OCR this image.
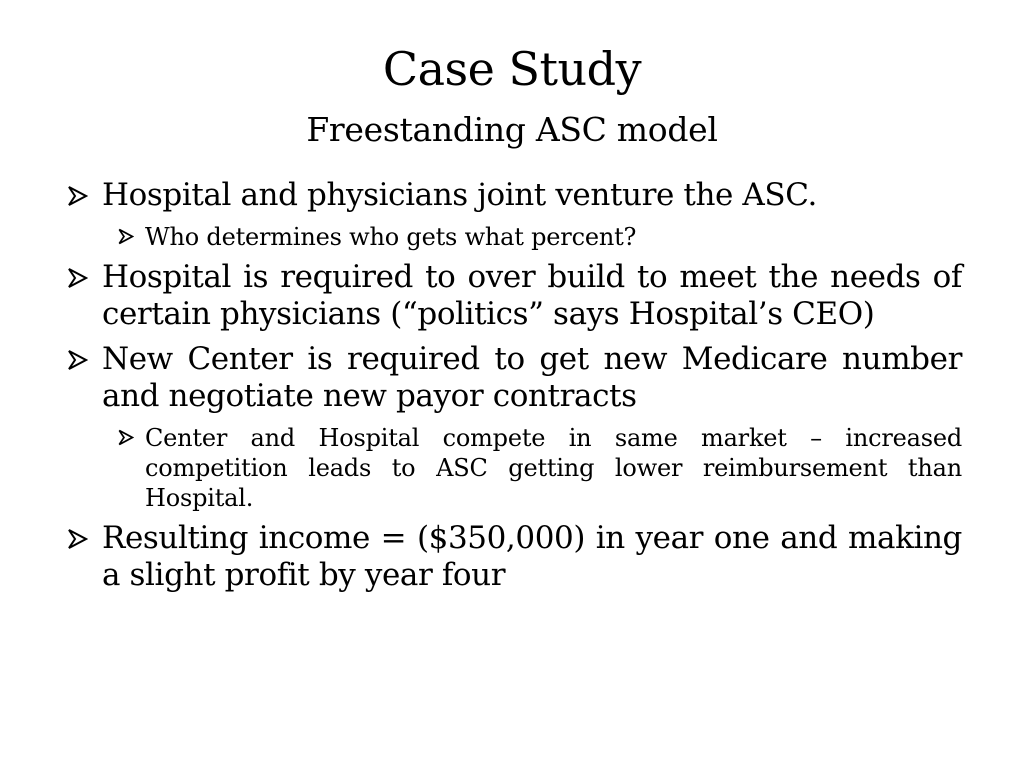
Case Study
Freestanding ASC model
Hospital and physicians joint venture the ASC.
Who determines who gets what percent?
Hospital is required to over build to meet the needs of certain physicians (“politics” says Hospital’s CEO)
New Center is required to get new Medicare number and negotiate new payor contracts
Center and Hospital compete in same market – increased competition leads to ASC getting lower reimbursement than Hospital.
Resulting income = ($350,000) in year one and making a slight profit by year four
